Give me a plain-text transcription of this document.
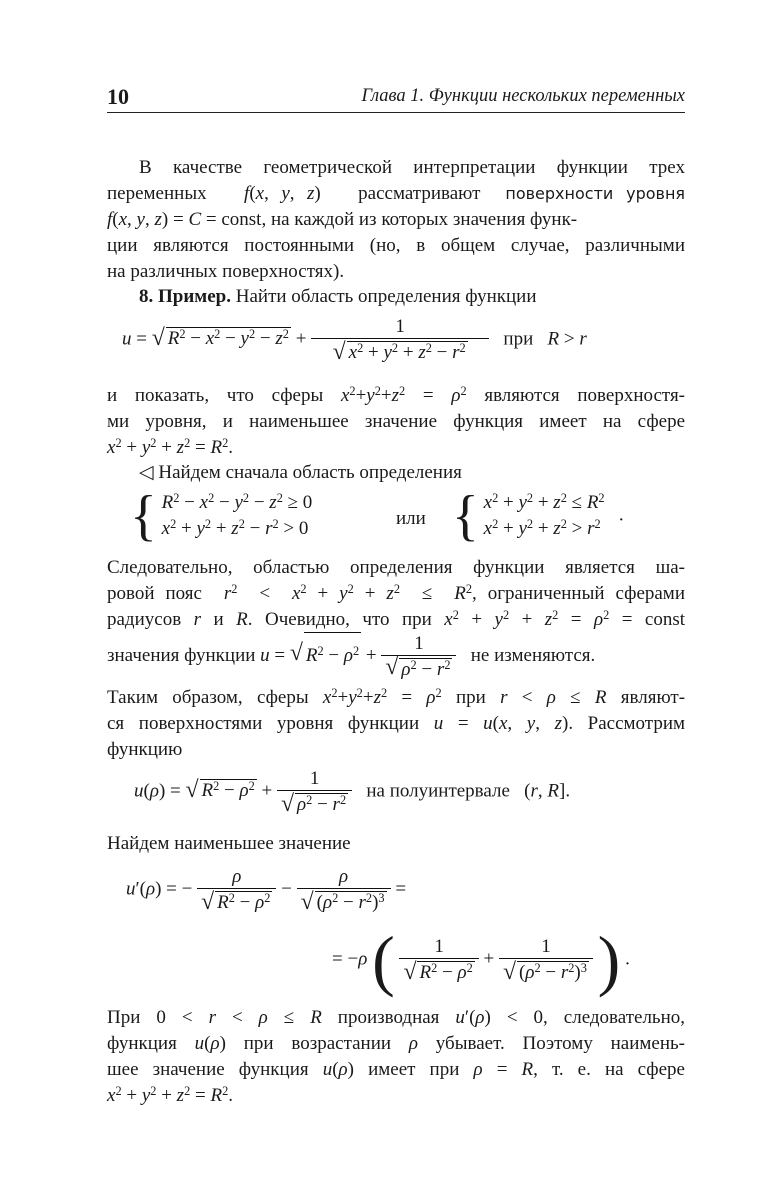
10	Глава 1. Функции нескольких переменных
В качестве геометрической интерпретации функции трех
переменных f(x, y, z)   рассматривают поверхности уровня
f(x, y, z) = C = const, на каждой из которых значения функ-
ции являются постоянными (но, в общем случае, различными
на различных поверхностях).
8. Пример. Найти область определения функции
u = √ $R^2 - x^2 - y^2 - z^2 + \frac{1}{√ x^2 + y^2 + z^2 - r^2}$ при R > r
и показать, что сферы $x^2+y^2+z^2 = \rho^2$ являются поверхностя-
ми уровня, и наименьшее значение функция имеет на сфере
$x^2 + y^2 + z^2 = R^2$.
◁ Найдем сначала область определения
{ $R^2 - x^2 - y^2 - z^2 \ge 0$
$x^2 + y^2 + z^2 - r^2 > 0$	или { $x^2 + y^2 + z^2 \le R^2$
$x^2 + y^2 + z^2 > r^2$   .
Следовательно, областью определения функции является ша-
ровой пояс $r^2 < x^2 + y^2 + z^2 \le R^2$, ограниченный сферами
радиусов r и R. Очевидно, что при $x^2 + y^2 + z^2 = \rho^2$ = const
значения функции u = √ $R^2 - \rho^2 + \frac{1}{√ \rho^2 - r^2}$ не изменяются.
Таким образом, сферы $x^2+y^2+z^2 = \rho^2$ при r < ρ ≤ R являют-
ся поверхностями уровня функции u = u(x, y, z). Рассмотрим
функцию
u(ρ) = √ $R^2 - \rho^2 + \frac{1}{√ \rho^2 - r^2}$ на полуинтервале   (r, R].
Найдем наименьшее значение
u′(ρ) = − $\frac{\rho}{√ R^2 - \rho^2} - \frac{\rho}{√ (\rho^2 - r^2)^3}$ =
= −ρ ( $\frac{1}{√ R^2 - \rho^2} + \frac{1}{√ (\rho^2 - r^2)^3}$ ) .
При 0 < r < ρ ≤ R производная u′(ρ) < 0, следовательно,
функция u(ρ) при возрастании ρ убывает. Поэтому наимень-
шее значение функция u(ρ) имеет при ρ = R, т. е. на сфере
$x^2 + y^2 + z^2 = R^2$.
